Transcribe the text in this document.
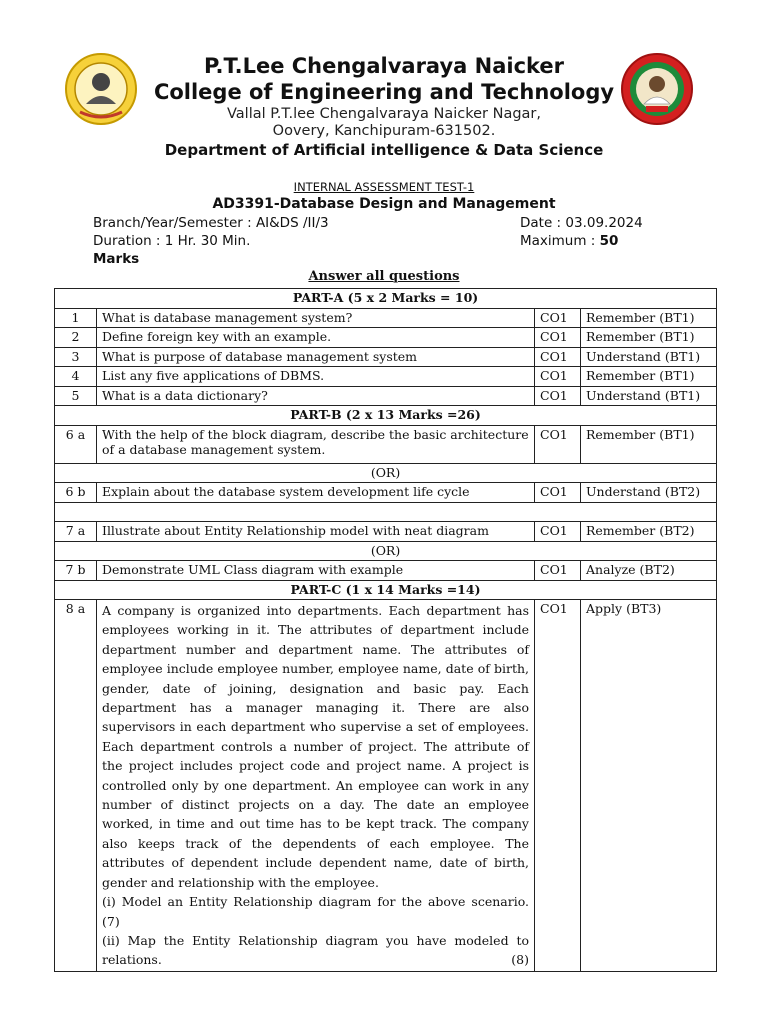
P.T.Lee Chengalvaraya Naicker
College of Engineering and Technology
Vallal P.T.lee Chengalvaraya Naicker Nagar,
Oovery, Kanchipuram-631502.
Department of Artificial intelligence & Data Science
INTERNAL ASSESSMENT TEST-1
AD3391-Database Design and Management
Branch/Year/Semester : AI&DS /II/3	Date : 03.09.2024
Duration : 1 Hr. 30 Min.	Maximum : 50
Marks
Answer all questions
PART-A (5 x 2 Marks = 10)			
1	What is database management system?	CO1	Remember (BT1)
2	Define foreign key with an example.	CO1	Remember (BT1)
3	What is purpose of database management system	CO1	Understand (BT1)
4	List any five applications of DBMS.	CO1	Remember (BT1)
5	What is a data dictionary?	CO1	Understand (BT1)
PART-B (2 x 13 Marks =26)			
6 a	With the help of the block diagram, describe the basic architecture of a database management system.	CO1	Remember (BT1)
(OR)			
6 b	Explain about the database system development life cycle	CO1	Understand (BT2)

7 a	Illustrate about Entity Relationship model with neat diagram	CO1	Remember (BT2)
(OR)			
7 b	Demonstrate UML Class diagram with example	CO1	Analyze (BT2)
PART-C (1 x 14 Marks =14)			
8 a	A company is organized into departments. Each department has employees working in it. The attributes of department include department number and department name. The attributes of employee include employee number, employee name, date of birth, gender, date of joining, designation and basic pay. Each department has a manager managing it. There are also supervisors in each department who supervise a set of employees. Each department controls a number of project. The attribute of the project includes project code and project name. A project is controlled only by one department. An employee can work in any number of distinct projects on a day. The date an employee worked, in time and out time has to be kept track. The company also keeps track of the dependents of each employee. The attributes of dependent include dependent name, date of birth, gender and relationship with the employee.
(i) Model an Entity Relationship diagram for the above scenario. (7)
(ii) Map the Entity Relationship diagram you have modeled to relations. (8)	CO1	Apply (BT3)
